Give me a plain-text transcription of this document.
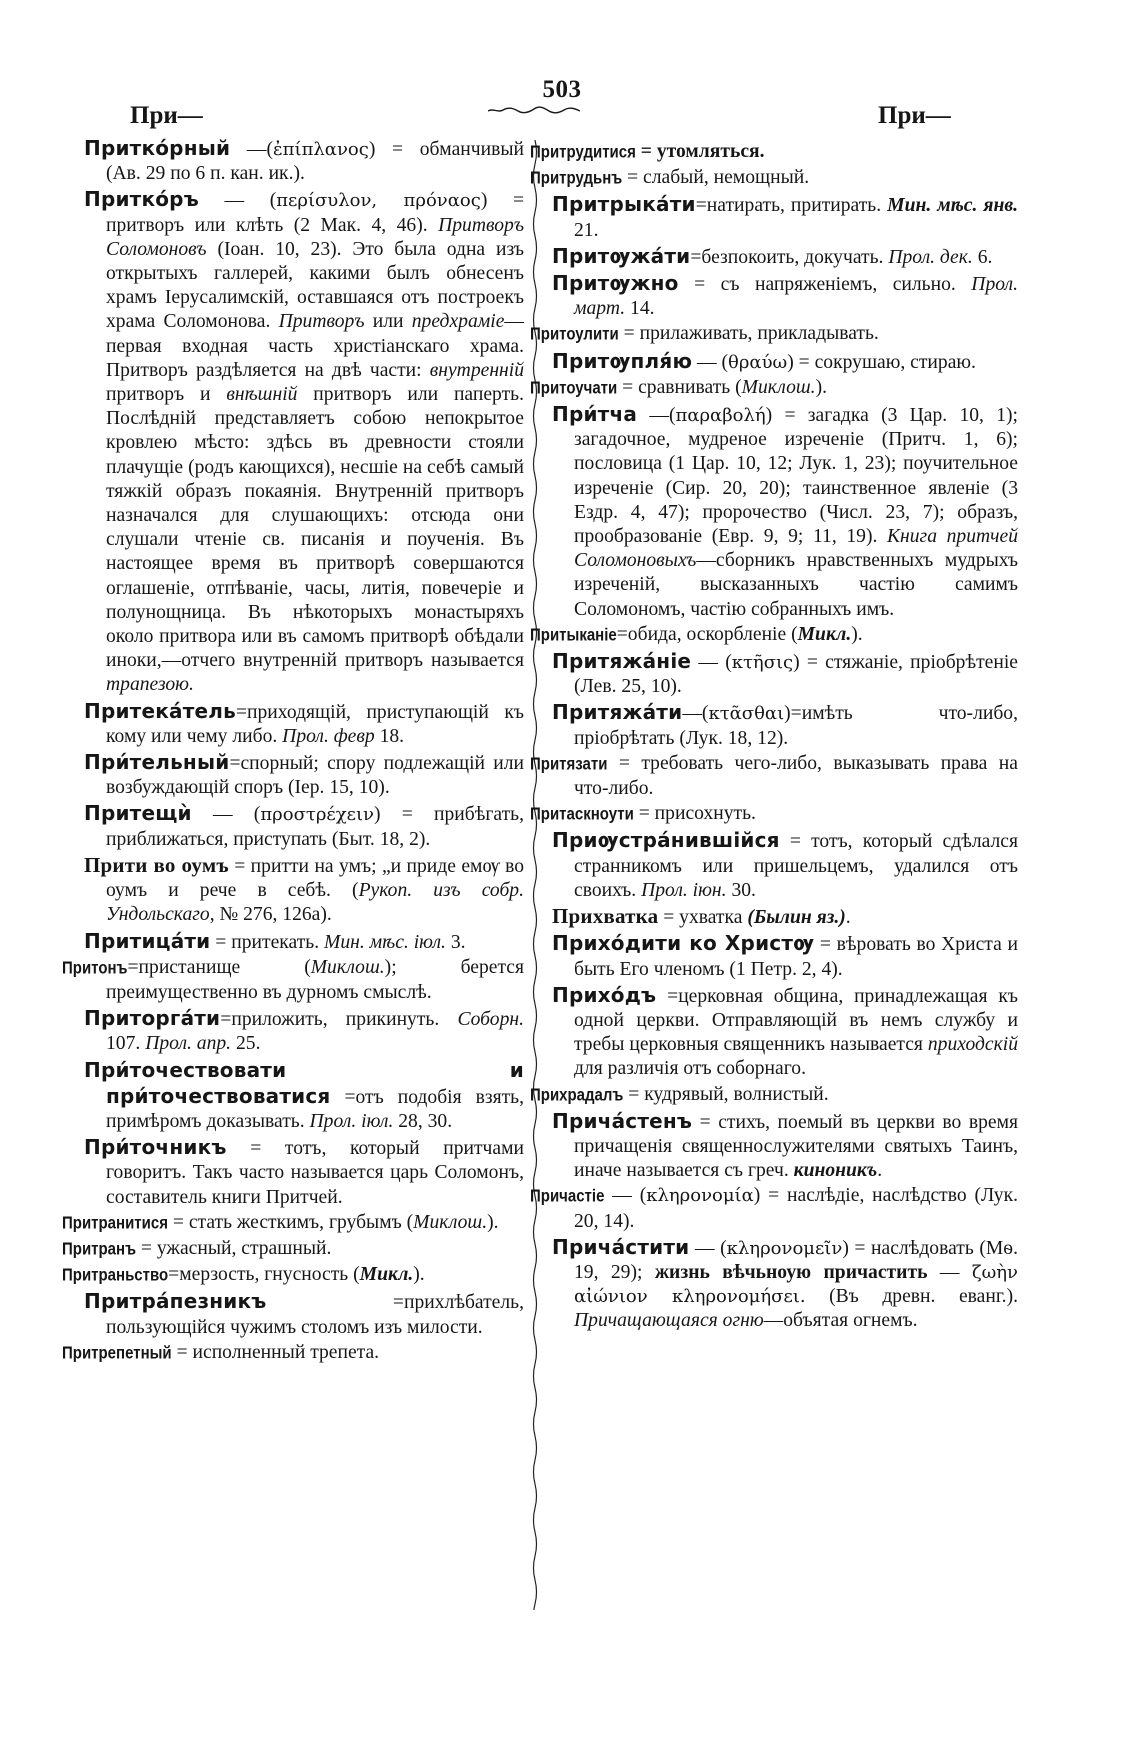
503
При—	При—

Притко́рный —(ἐπίπλανος) = обманчивый (Ав. 29 по 6 п. кан. ик.).

Притко́ръ — (περίσυλον, πρόναος) = притворъ или клѣть (2 Мак. 4, 46). Притворъ Соломоновъ (Іоан. 10, 23). Это была одна изъ открытыхъ галлерей, какими былъ обнесенъ храмъ Іерусалимскій, оставшаяся отъ построекъ храма Соломонова. Притворъ или предхраміе—первая входная часть христіанскаго храма. Притворъ раздѣляется на двѣ части: внутренній притворъ и внѣшній притворъ или паперть. Послѣдній представляетъ собою непокрытое кровлею мѣсто: здѣсь въ древности стояли плачущіе (родъ кающихся), несшіе на себѣ самый тяжкій образъ покаянія. Внутренній притворъ назначался для слушающихъ: отсюда они слушали чтеніе св. писанія и поученія. Въ настоящее время въ притворѣ совершаются оглашеніе, отпѣваніе, часы, литія, повечеріе и полунощница. Въ нѣкоторыхъ монастыряхъ около притвора или въ самомъ притворѣ обѣдали иноки,—отчего внутренній притворъ называется трапезою.

Притека́тель=приходящій, приступающій къ кому или чему либо. Прол. февр 18.

При́тельный=спорный; спору подлежащій или возбуждающій споръ (Іер. 15, 10).

Притещѝ — (προστρέχειν) = прибѣгать, приближаться, приступать (Быт. 18, 2).

Прити во оумъ = притти на умъ; „и приде емѹ во оумъ и рече в себѣ. (Рукоп. изъ собр. Ундольскаго, № 276, 126а).

Притица́ти = притекать. Мин. мѣс. іюл. 3.

Притонъ=пристанище (Миклош.); берется преимущественно въ дурномъ смыслѣ.

Приторга́ти=приложить, прикинуть. Соборн. 107. Прол. апр. 25.

При́точествовати и при́точествоватися =отъ подобія взять, примѣромъ доказывать. Прол. іюл. 28, 30.

При́точникъ = тотъ, который притчами говоритъ. Такъ часто называется царь Соломонъ, составитель книги Притчей.

Притранитися = стать жесткимъ, грубымъ (Миклош.).

Притранъ = ужасный, страшный.

Притраньство=мерзость, гнусность (Микл.).

Притра́пезникъ =прихлѣбатель, пользующійся чужимъ столомъ изъ милости.

Притрепетный = исполненный трепета.

Притрудитися = утомляться.

Притрудьнъ = слабый, немощный.

Притрыка́ти=натирать, притирать. Мин. мѣс. янв. 21.

Притѹжа́ти=безпокоить, докучать. Прол. дек. 6.

Притѹжно = съ напряженіемъ, сильно. Прол. март. 14.

Притоулити = прилаживать, прикладывать.

Притѹпля́ю — (θραύω) = сокрушаю, стираю.

Притоучати = сравнивать (Миклош.).

При́тча —(παραβολή) = загадка (3 Цар. 10, 1); загадочное, мудреное изреченіе (Притч. 1, 6); пословица (1 Цар. 10, 12; Лук. 1, 23); поучительное изреченіе (Сир. 20, 20); таинственное явленіе (3 Ездр. 4, 47); пророчество (Числ. 23, 7); образъ, прообразованіе (Евр. 9, 9; 11, 19). Книга притчей Соломоновыхъ—сборникъ нравственныхъ мудрыхъ изреченій, высказанныхъ частію самимъ Соломономъ, частію собранныхъ имъ.

Притыканіе=обида, оскорбленіе (Микл.).

Притяжа́ніе — (κτῆσις) = стяжаніе, пріобрѣтеніе (Лев. 25, 10).

Притяжа́ти—(κτᾶσθαι)=имѣть что-либо, пріобрѣтать (Лук. 18, 12).

Притязати = требовать чего-либо, выказывать права на что-либо.

Притаскноути = присохнуть.

Приѹстра́нившійся = тотъ, который сдѣлался странникомъ или пришельцемъ, удалился отъ своихъ. Прол. іюн. 30.

Прихватка = ухватка (Былин яз.).

Прихо́дити ко Христѹ = вѣровать во Христа и быть Его членомъ (1 Петр. 2, 4).

Прихо́дъ =церковная община, принадлежащая къ одной церкви. Отправляющій въ немъ службу и требы церковныя священникъ называется приходскій для различія отъ соборнаго.

Прихрадалъ = кудрявый, волнистый.

Прича́стенъ = стихъ, поемый въ церкви во время причащенія священнослужителями святыхъ Таинъ, иначе называется съ греч. киноникъ.

Причастіе — (κληρονομία) = наслѣдіе, наслѣдство (Лук. 20, 14).

Прича́стити — (κληρονομεῖν) = наслѣдовать (Мѳ. 19, 29); жизнь вѣчьноую причастить — ζωὴν αἰώνιον κληρονομήσει. (Въ древн. еванг.). Причащающаяся огню—объятая огнемъ.
